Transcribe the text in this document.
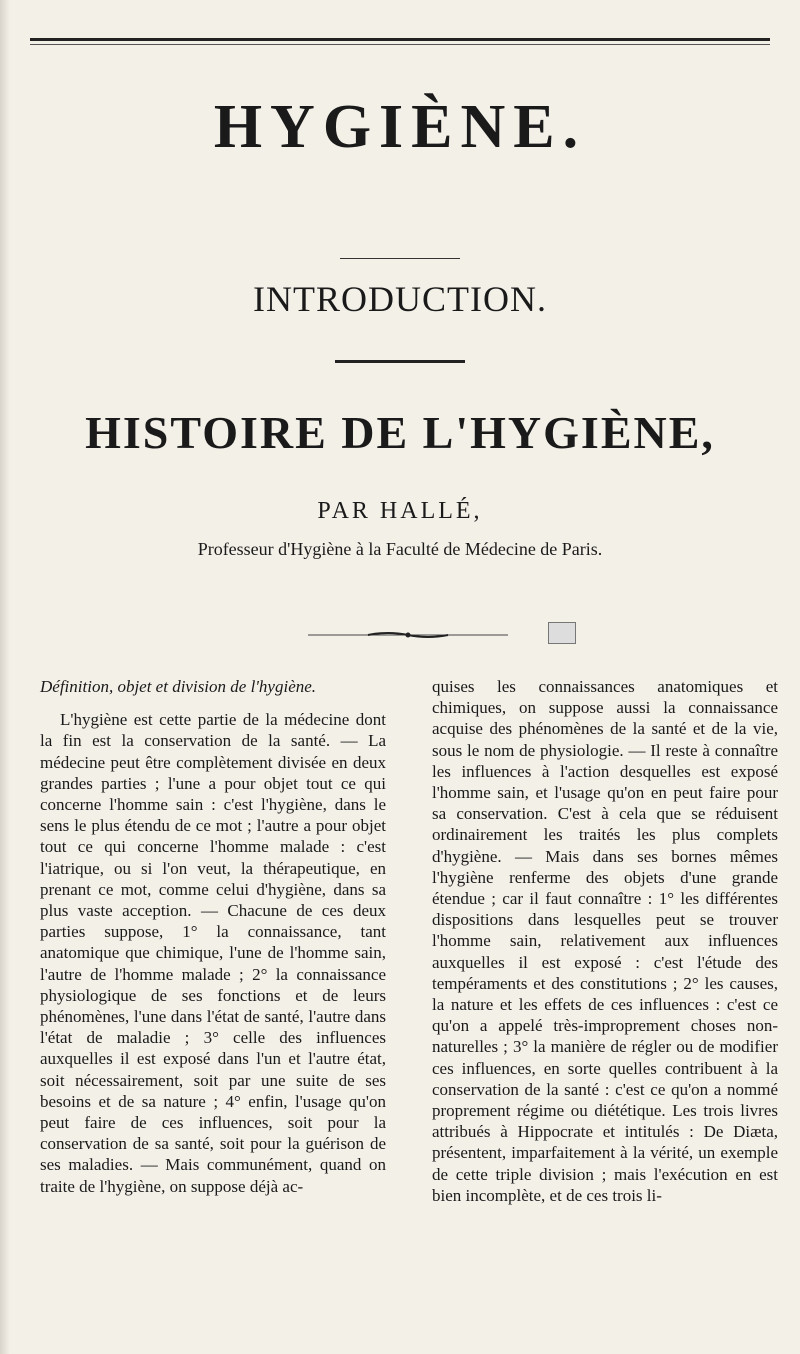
HYGIÈNE.
INTRODUCTION.
HISTOIRE DE L'HYGIÈNE,
PAR HALLÉ,
Professeur d'Hygiène à la Faculté de Médecine de Paris.

Définition, objet et division de l'hygiène.

L'hygiène est cette partie de la médecine dont la fin est la conservation de la santé. — La médecine peut être complètement divisée en deux grandes parties ; l'une a pour objet tout ce qui concerne l'homme sain : c'est l'hygiène, dans le sens le plus étendu de ce mot ; l'autre a pour objet tout ce qui concerne l'homme malade : c'est l'iatrique, ou si l'on veut, la thérapeutique, en prenant ce mot, comme celui d'hygiène, dans sa plus vaste acception. — Chacune de ces deux parties suppose, 1° la connaissance, tant anatomique que chimique, l'une de l'homme sain, l'autre de l'homme malade ; 2° la connaissance physiologique de ses fonctions et de leurs phénomènes, l'une dans l'état de santé, l'autre dans l'état de maladie ; 3° celle des influences auxquelles il est exposé dans l'un et l'autre état, soit nécessairement, soit par une suite de ses besoins et de sa nature ; 4° enfin, l'usage qu'on peut faire de ces influences, soit pour la conservation de sa santé, soit pour la guérison de ses maladies. — Mais communément, quand on traite de l'hygiène, on suppose déjà ac-

quises les connaissances anatomiques et chimiques, on suppose aussi la connaissance acquise des phénomènes de la santé et de la vie, sous le nom de physiologie. — Il reste à connaître les influences à l'action desquelles est exposé l'homme sain, et l'usage qu'on en peut faire pour sa conservation. C'est à cela que se réduisent ordinairement les traités les plus complets d'hygiène. — Mais dans ses bornes mêmes l'hygiène renferme des objets d'une grande étendue ; car il faut connaître : 1° les différentes dispositions dans lesquelles peut se trouver l'homme sain, relativement aux influences auxquelles il est exposé : c'est l'étude des tempéraments et des constitutions ; 2° les causes, la nature et les effets de ces influences : c'est ce qu'on a appelé très-improprement choses non-naturelles ; 3° la manière de régler ou de modifier ces influences, en sorte quelles contribuent à la conservation de la santé : c'est ce qu'on a nommé proprement régime ou diététique. Les trois livres attribués à Hippocrate et intitulés : De Diæta, présentent, imparfaitement à la vérité, un exemple de cette triple division ; mais l'exécution en est bien incomplète, et de ces trois li-
